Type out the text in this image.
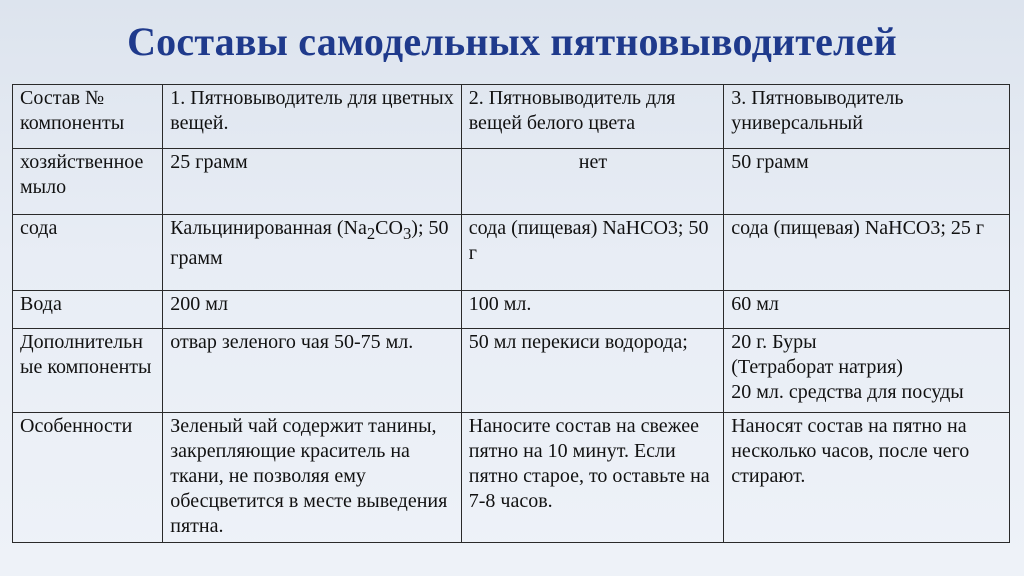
Составы самодельных пятновыводителей
Состав № компоненты	1. Пятновыводитель для цветных вещей.	2. Пятновыводитель для вещей белого цвета	3. Пятновыводитель универсальный
хозяйственное мыло	25 грамм	нет	50 грамм
сода	Кальцинированная $(Na_2CO_3)$; 50 грамм	сода (пищевая) NaHCO3; 50 г	сода (пищевая) NaHCO3; 25 г
Вода	200 мл	100 мл.	60 мл
Дополнительные компоненты	отвар зеленого чая 50-75 мл.	50 мл перекиси водорода;	20 г. Буры
(Тетраборат натрия)
20 мл. средства для посуды

Особенности	Зеленый чай содержит танины, закрепляющие краситель на ткани, не позволяя ему обесцветится в месте выведения пятна.	Наносите состав на свежее пятно на 10 минут. Если пятно старое, то оставьте на 7-8 часов.	Наносят состав на пятно на несколько часов, после чего стирают.
